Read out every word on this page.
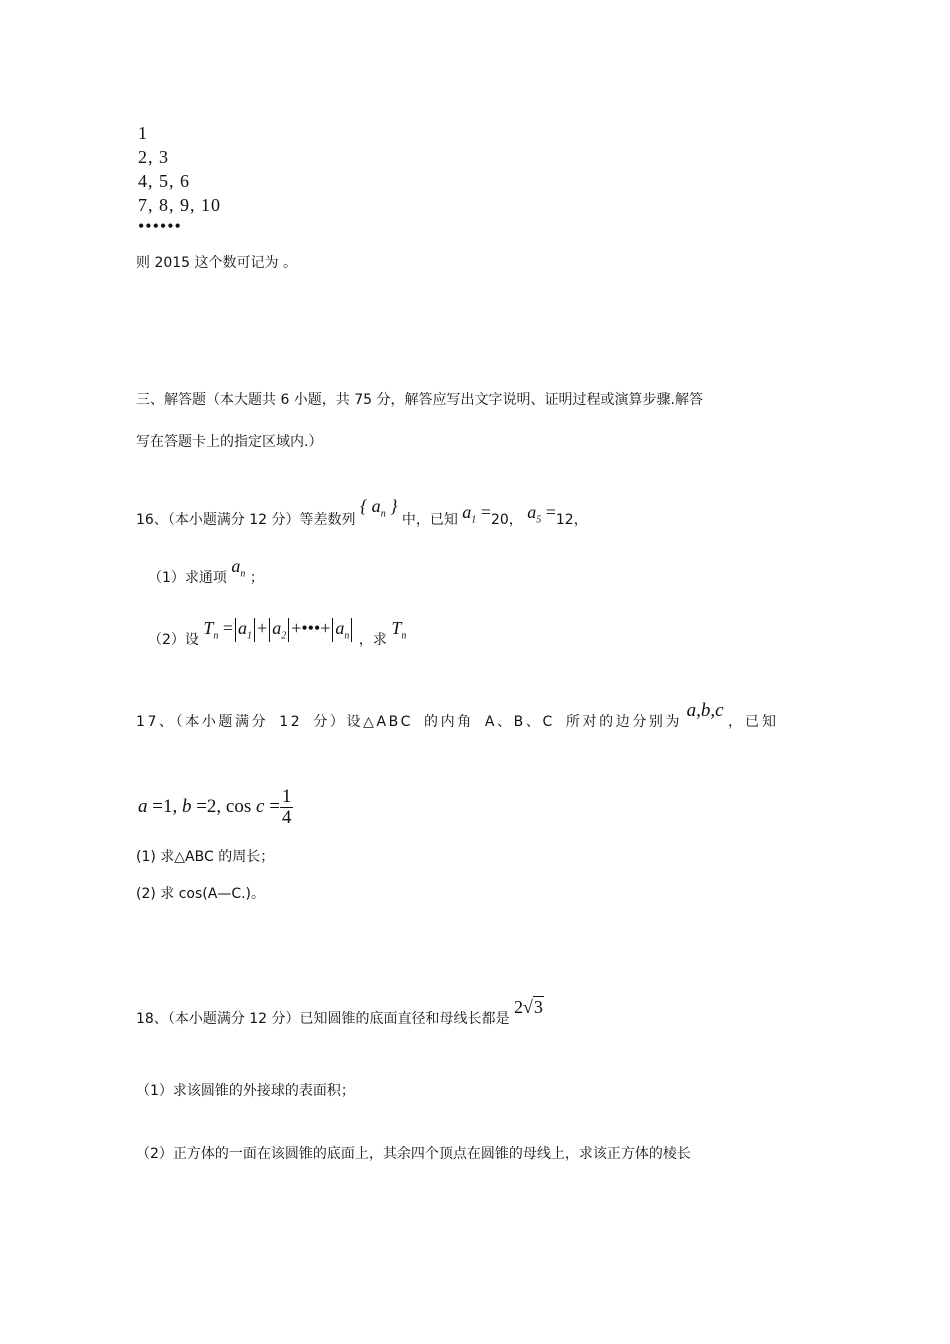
1
2, 3
4, 5, 6
7, 8, 9, 10
••••••
则 2015 这个数可记为 。
三、解答题（本大题共 6 小题，共 75 分，解答应写出文字说明、证明过程或演算步骤.解答
写在答题卡上的指定区域内.）
16、（本小题满分 12 分）等差数列 { $a_n$ } 中，已知 $a_1 =20$， $a_5 =12$，
（1）求通项 $a_n$ ；
（2）设 $T_n = a_1 + a_2$ +•••+ $a_n$ ，求 $T_n$
17、（本小题满分 12 分）设△ABC 的内角 A、B、C 所对的边分别为 a,b,c ，已知
a =1, b =2, $\cos c = \frac{1}{4}$
(1) 求△ABC 的周长；
(2) 求 cos(A—C.)。
18、（本小题满分 12 分）已知圆锥的底面直径和母线长都是 2√3
（1）求该圆锥的外接球的表面积；
（2）正方体的一面在该圆锥的底面上，其余四个顶点在圆锥的母线上，求该正方体的棱长
